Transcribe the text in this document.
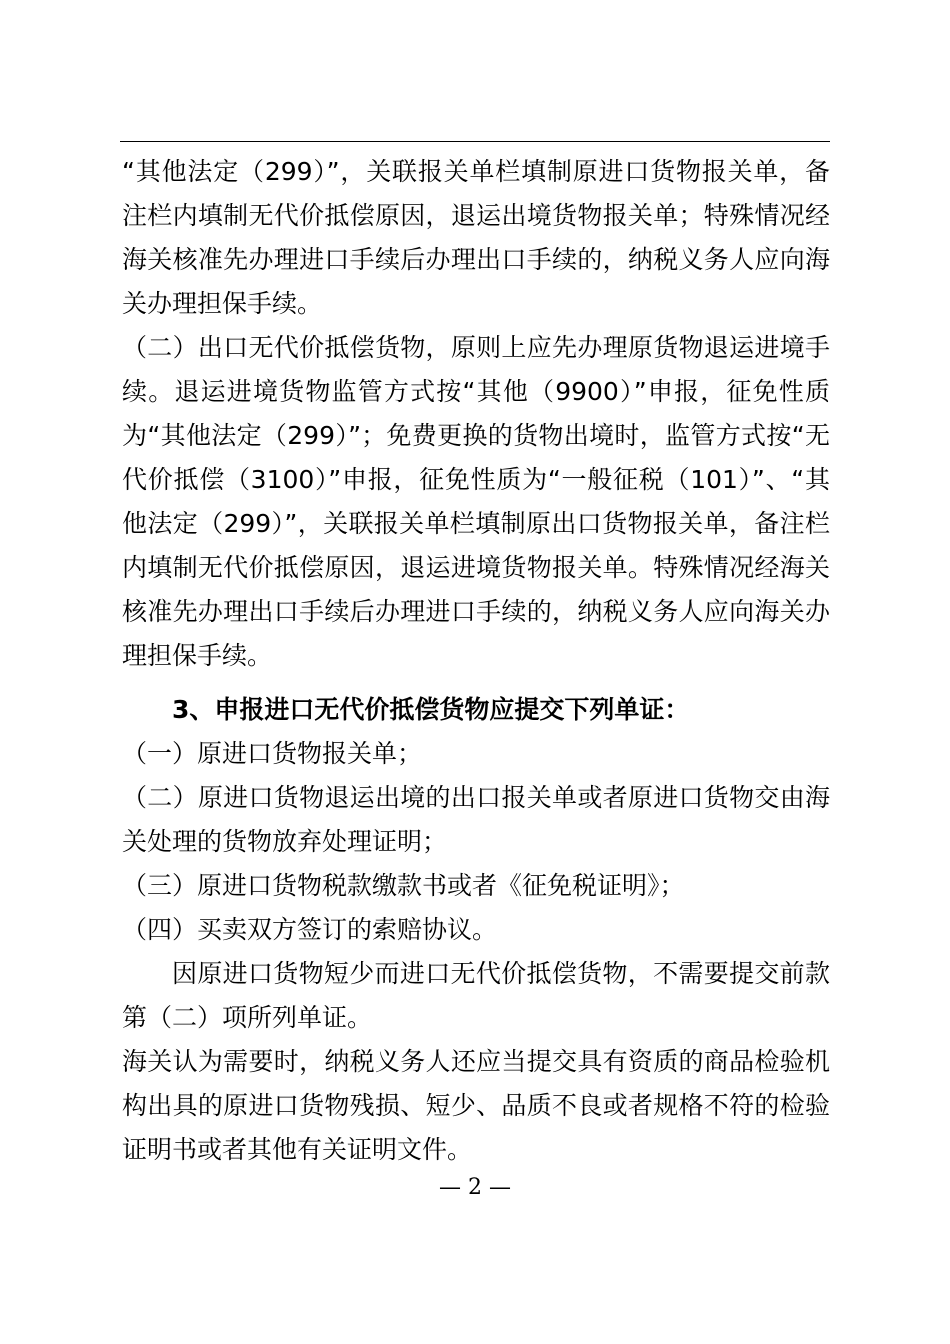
“其他法定（299）”，关联报关单栏填制原进口货物报关单，备注栏内填制无代价抵偿原因，退运出境货物报关单；特殊情况经海关核准先办理进口手续后办理出口手续的，纳税义务人应向海关办理担保手续。

（二）出口无代价抵偿货物，原则上应先办理原货物退运进境手续。退运进境货物监管方式按“其他（9900）”申报，征免性质为“其他法定（299）”；免费更换的货物出境时，监管方式按“无代价抵偿（3100）”申报，征免性质为“一般征税（101）”、“其他法定（299）”，关联报关单栏填制原出口货物报关单，备注栏内填制无代价抵偿原因，退运进境货物报关单。特殊情况经海关核准先办理出口手续后办理进口手续的，纳税义务人应向海关办理担保手续。

3、申报进口无代价抵偿货物应提交下列单证：

（一）原进口货物报关单；

（二）原进口货物退运出境的出口报关单或者原进口货物交由海关处理的货物放弃处理证明；

（三）原进口货物税款缴款书或者《征免税证明》；

（四）买卖双方签订的索赔协议。

因原进口货物短少而进口无代价抵偿货物，不需要提交前款第（二）项所列单证。

海关认为需要时，纳税义务人还应当提交具有资质的商品检验机构出具的原进口货物残损、短少、品质不良或者规格不符的检验证明书或者其他有关证明文件。

— 2 —
